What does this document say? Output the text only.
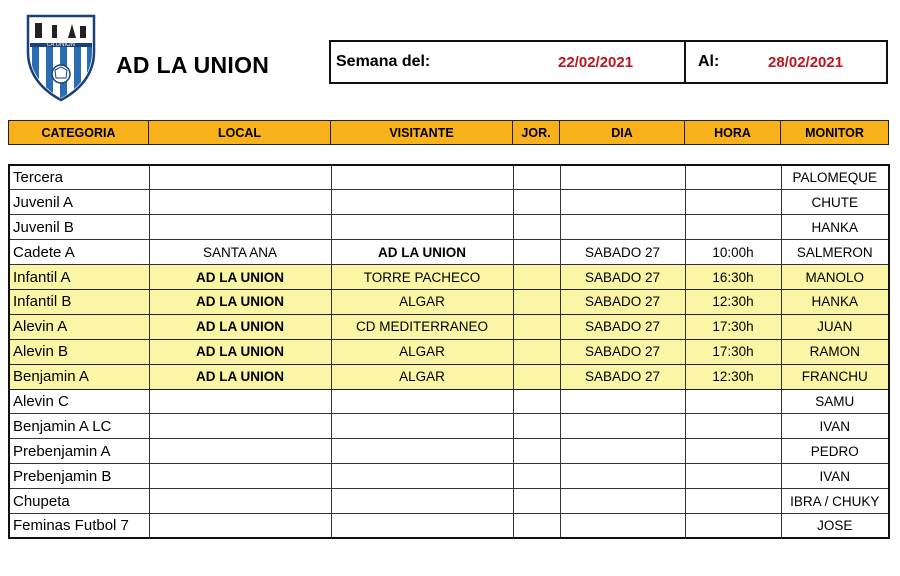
LA UNION
AD LA UNION	Semana del:	22/02/2021	Al:	28/02/2021
CATEGORIA	LOCAL	VISITANTE	JOR.	DIA	HORA	MONITOR
Tercera						PALOMEQUE
Juvenil A						CHUTE
Juvenil B						HANKA
Cadete A	SANTA ANA	AD LA UNION		SABADO 27	10:00h	SALMERON
Infantil A	AD LA UNION	TORRE PACHECO		SABADO 27	16:30h	MANOLO
Infantil B	AD LA UNION	ALGAR		SABADO 27	12:30h	HANKA
Alevin A	AD LA UNION	CD MEDITERRANEO		SABADO 27	17:30h	JUAN
Alevin B	AD LA UNION	ALGAR		SABADO 27	17:30h	RAMON
Benjamin A	AD LA UNION	ALGAR		SABADO 27	12:30h	FRANCHU
Alevin C						SAMU
Benjamin A LC						IVAN
Prebenjamin A						PEDRO
Prebenjamin B						IVAN
Chupeta						IBRA / CHUKY
Feminas Futbol 7						JOSE
